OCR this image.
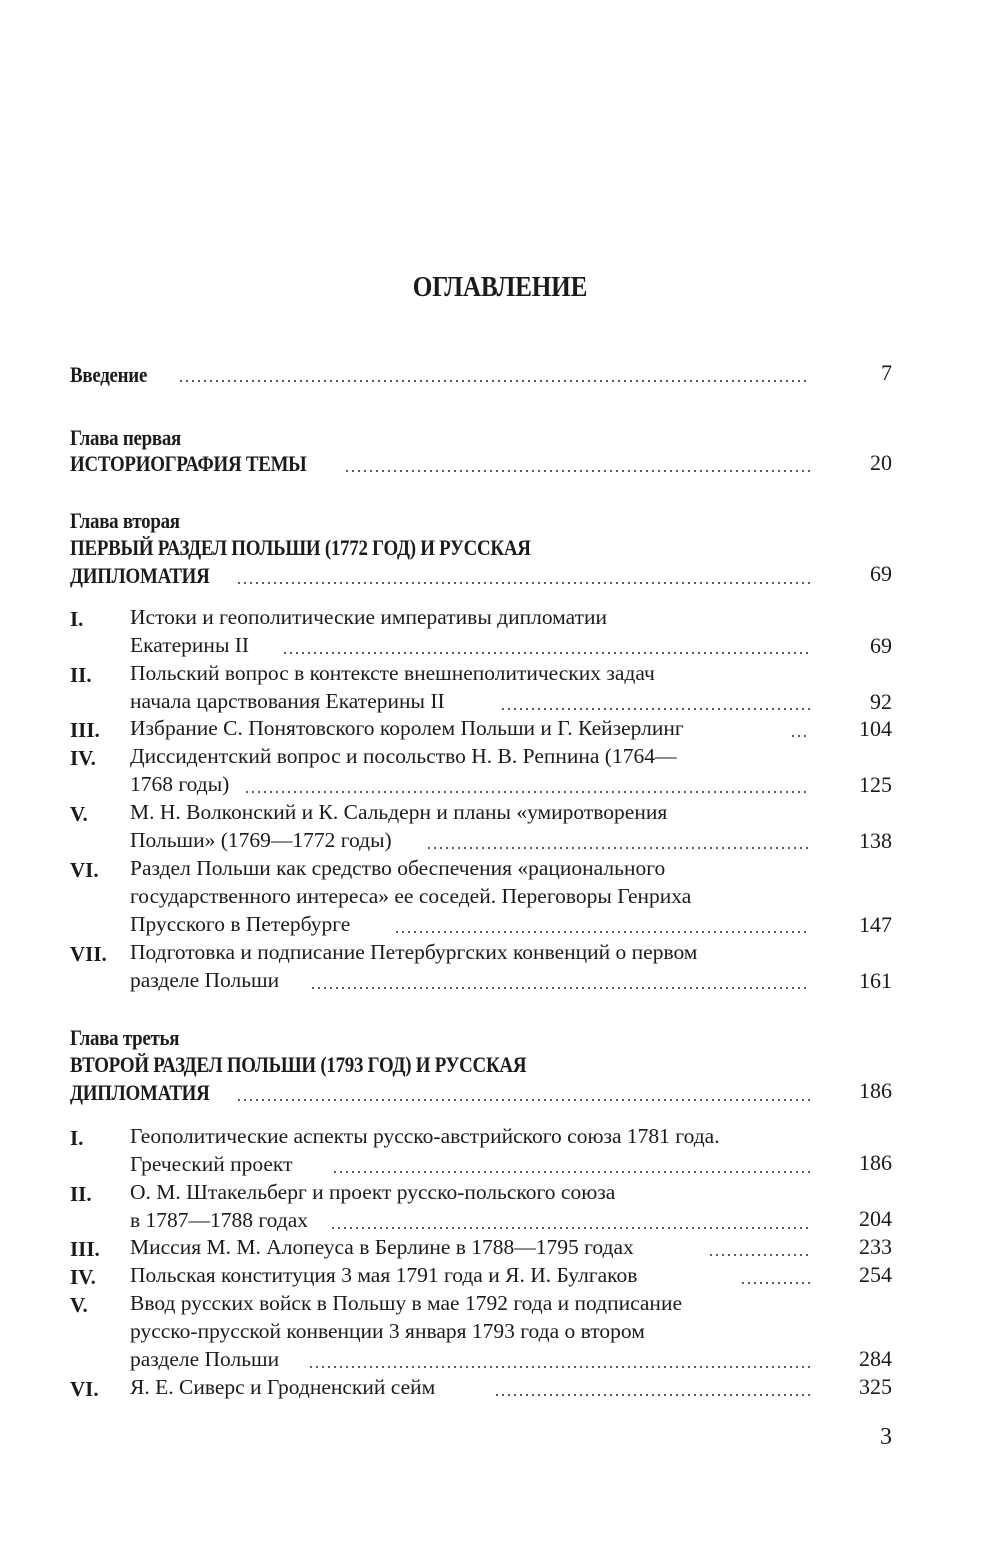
ОГЛАВЛЕНИЕ
Введение	7
Глава первая
ИСТОРИОГРАФИЯ ТЕМЫ	20
Глава вторая
ПЕРВЫЙ РАЗДЕЛ ПОЛЬШИ (1772 ГОД) И РУССКАЯ
ДИПЛОМАТИЯ	69
I.	Истоки и геополитические императивы дипломатии
Екатерины II	69
II.	Польский вопрос в контексте внешнеполитических задач
начала царствования Екатерины II	92
III.	Избрание С. Понятовского королем Польши и Г. Кейзерлинг	104
IV.	Диссидентский вопрос и посольство Н. В. Репнина (1764—
1768 годы)	125
V.	М. Н. Волконский и К. Сальдерн и планы «умиротворения
Польши» (1769—1772 годы)	138
VI.	Раздел Польши как средство обеспечения «рационального
государственного интереса» ее соседей. Переговоры Генриха
Прусского в Петербурге	147
VII.	Подготовка и подписание Петербургских конвенций о первом
разделе Польши	161
Глава третья
ВТОРОЙ РАЗДЕЛ ПОЛЬШИ (1793 ГОД) И РУССКАЯ
ДИПЛОМАТИЯ	186
I.	Геополитические аспекты русско-австрийского союза 1781 года.
Греческий проект	186
II.	О. М. Штакельберг и проект русско-польского союза
в 1787—1788 годах	204
III.	Миссия М. М. Алопеуса в Берлине в 1788—1795 годах	233
IV.	Польская конституция 3 мая 1791 года и Я. И. Булгаков	254
V.	Ввод русских войск в Польшу в мае 1792 года и подписание
русско-прусской конвенции 3 января 1793 года о втором
разделе Польши	284
VI.	Я. Е. Сиверс и Гродненский сейм	325
3
